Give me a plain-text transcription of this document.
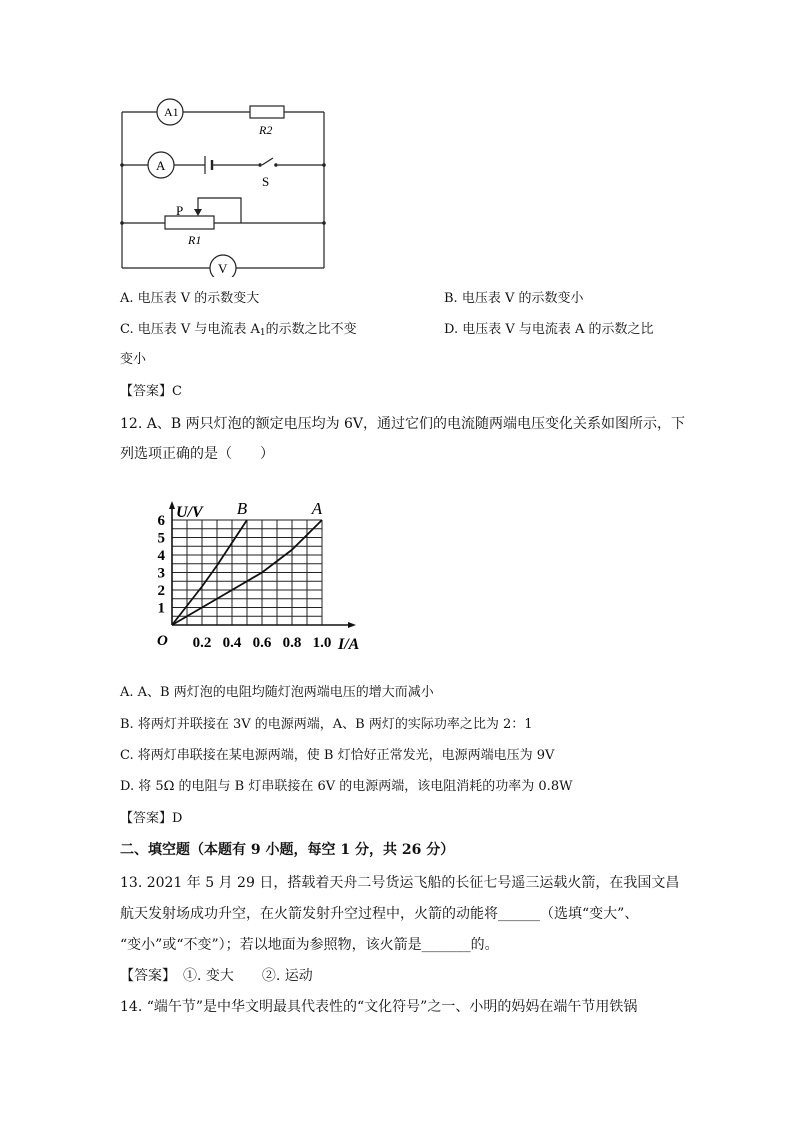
A1
A
V
R2
S
P
R1
A. 电压表 V 的示数变大	B. 电压表 V 的示数变小
C. 电压表 V 与电流表 $A_1$的示数之比不变	D. 电压表 V 与电流表 A 的示数之比
变小
【答案】C
12. A、B 两只灯泡的额定电压均为 6V，通过它们的电流随两端电压变化关系如图所示，下
列选项正确的是（　　）
0.2 0.4 0.6 0.8 1.0
1
2
3
4
5
6
O	I/A
U/V B	A
A. A、B 两灯泡的电阻均随灯泡两端电压的增大而减小
B. 将两灯并联接在 3V 的电源两端，A、B 两灯的实际功率之比为 2：1
C. 将两灯串联接在某电源两端，使 B 灯恰好正常发光，电源两端电压为 9V
D. 将 5Ω 的电阻与 B 灯串联接在 6V 的电源两端，该电阻消耗的功率为 0.8W
【答案】D
二、填空题（本题有 9 小题，每空 1 分，共 26 分）
13. 2021 年 5 月 29 日，搭载着天舟二号货运飞船的长征七号遥三运载火箭，在我国文昌
航天发射场成功升空，在火箭发射升空过程中，火箭的动能将______（选填“变大”、
“变小”或“不变”）；若以地面为参照物，该火箭是_______的。
【答案】　①. 变大　　②. 运动
14. “端午节”是中华文明最具代表性的“文化符号”之一、小明的妈妈在端午节用铁锅
